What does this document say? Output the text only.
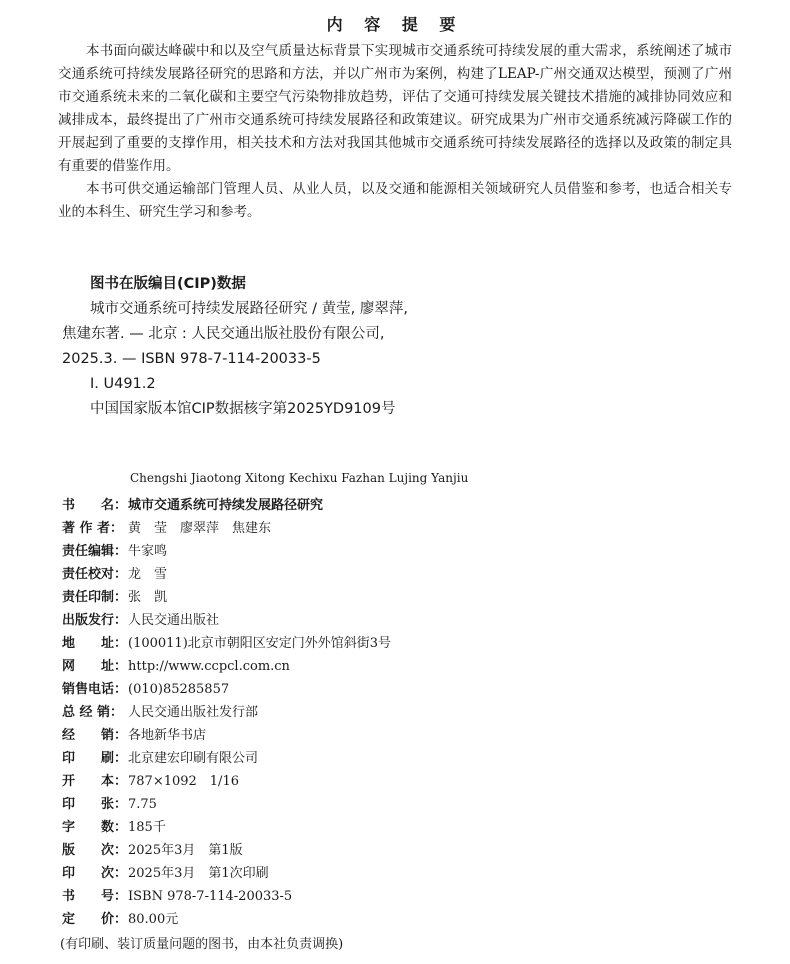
内 容 提 要

本书面向碳达峰碳中和以及空气质量达标背景下实现城市交通系统可持续发展的重大需求，系统阐述了城市交通系统可持续发展路径研究的思路和方法，并以广州市为案例，构建了LEAP-广州交通双达模型，预测了广州市交通系统未来的二氧化碳和主要空气污染物排放趋势，评估了交通可持续发展关键技术措施的减排协同效应和减排成本，最终提出了广州市交通系统可持续发展路径和政策建议。研究成果为广州市交通系统减污降碳工作的开展起到了重要的支撑作用，相关技术和方法对我国其他城市交通系统可持续发展路径的选择以及政策的制定具有重要的借鉴作用。

本书可供交通运输部门管理人员、从业人员，以及交通和能源相关领域研究人员借鉴和参考，也适合相关专业的本科生、研究生学习和参考。

图书在版编目(CIP)数据
城市交通系统可持续发展路径研究 / 黄莹, 廖翠萍,
焦建东著. — 北京 : 人民交通出版社股份有限公司,
2025.3. — ISBN 978-7-114-20033-5
Ⅰ. U491.2
中国国家版本馆CIP数据核字第2025YD9109号
Chengshi Jiaotong Xitong Kechixu Fazhan Lujing Yanjiu
书　　名： 城市交通系统可持续发展路径研究
著 作 者： 黄　莹　廖翠萍　焦建东
责任编辑： 牛家鸣
责任校对： 龙　雪
责任印制： 张　凯
出版发行： 人民交通出版社
地　　址： (100011)北京市朝阳区安定门外外馆斜街3号
网　　址： http://www.ccpcl.com.cn
销售电话： (010)85285857
总 经 销： 人民交通出版社发行部
经　　销： 各地新华书店
印　　刷： 北京建宏印刷有限公司
开　　本： 787×1092　1/16
印　　张： 7.75
字　　数： 185千
版　　次： 2025年3月　第1版
印　　次： 2025年3月　第1次印刷
书　　号： ISBN 978-7-114-20033-5
定　　价： 80.00元
(有印刷、装订质量问题的图书，由本社负责调换)
